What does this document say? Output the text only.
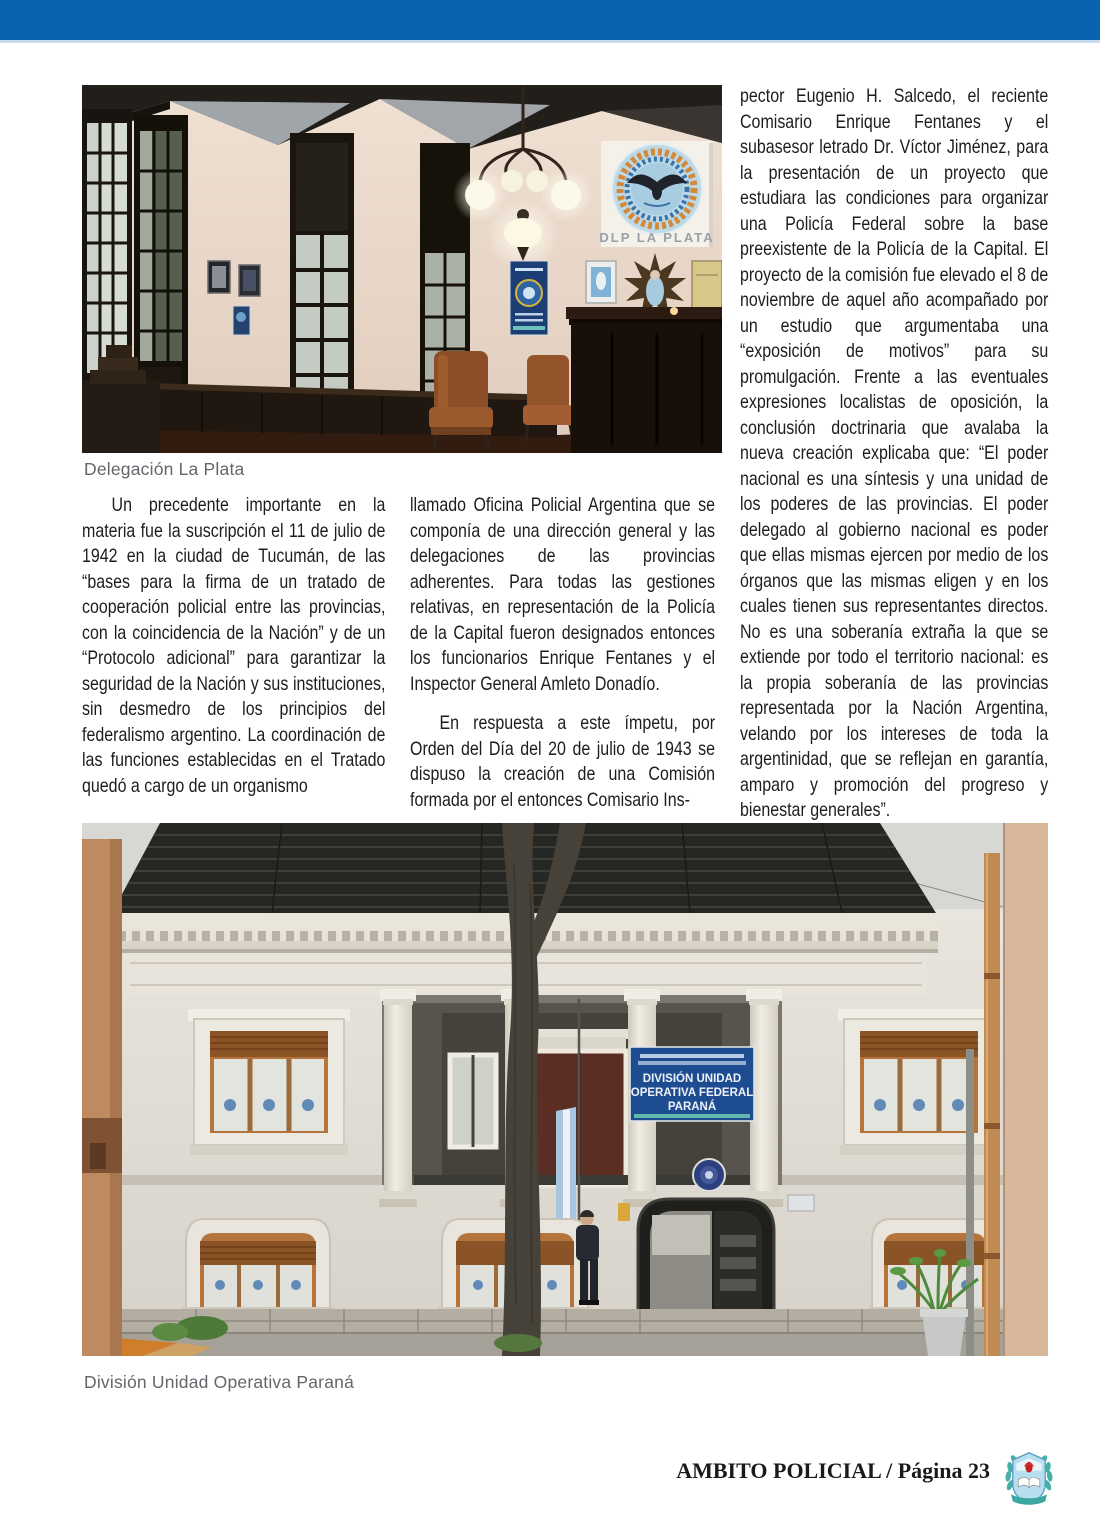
DLP LA PLATA
Delegación La Plata

Un precedente importante en la materia fue la suscripción el 11 de julio de 1942 en la ciudad de Tucumán, de las “bases para la firma de un tratado de cooperación policial entre las provincias, con la coincidencia de la Nación” y de un “Protocolo adicional” para garantizar la seguridad de la Nación y sus instituciones, sin desmedro de los principios del federalismo argentino. La coordinación de las funciones establecidas en el Tratado quedó a cargo de un organismo

llamado Oficina Policial Argentina que se componía de una dirección general y las delegaciones de las provincias adherentes. Para todas las gestiones relativas, en representación de la Policía de la Capital fueron designados entonces los funcionarios Enrique Fentanes y el Inspector General Amleto Donadío.

En respuesta a este ímpetu, por Orden del Día del 20 de julio de 1943 se dispuso la creación de una Comisión formada por el entonces Comisario Ins-

pector Eugenio H. Salcedo, el reciente Comisario Enrique Fentanes y el subasesor letrado Dr. Víctor Jiménez, para la presentación de un proyecto que estudiara las condiciones para organizar una Policía Federal sobre la base preexistente de la Policía de la Capital. El proyecto de la comisión fue elevado el 8 de noviembre de aquel año acompañado por un estudio que argumentaba una “exposición de motivos” para su promulgación. Frente a las eventuales expresiones localistas de oposición, la conclusión doctrinaria que avalaba la nueva creación explicaba que: “El poder nacional es una síntesis y una unidad de los poderes de las provincias. El poder delegado al gobierno nacional es poder que ellas mismas ejercen por medio de los órganos que las mismas eligen y en los cuales tienen sus representantes directos. No es una soberanía extraña la que se extiende por todo el territorio nacional: es la propia soberanía de las provincias representada por la Nación Argentina, velando por los intereses de toda la argentinidad, que se reflejan en garantía, amparo y promoción del progreso y bienestar generales”.

DIVISIÓN UNIDAD
OPERATIVA FEDERAL
PARANÁ
División Unidad Operativa Paraná
AMBITO POLICIAL / Página 23
